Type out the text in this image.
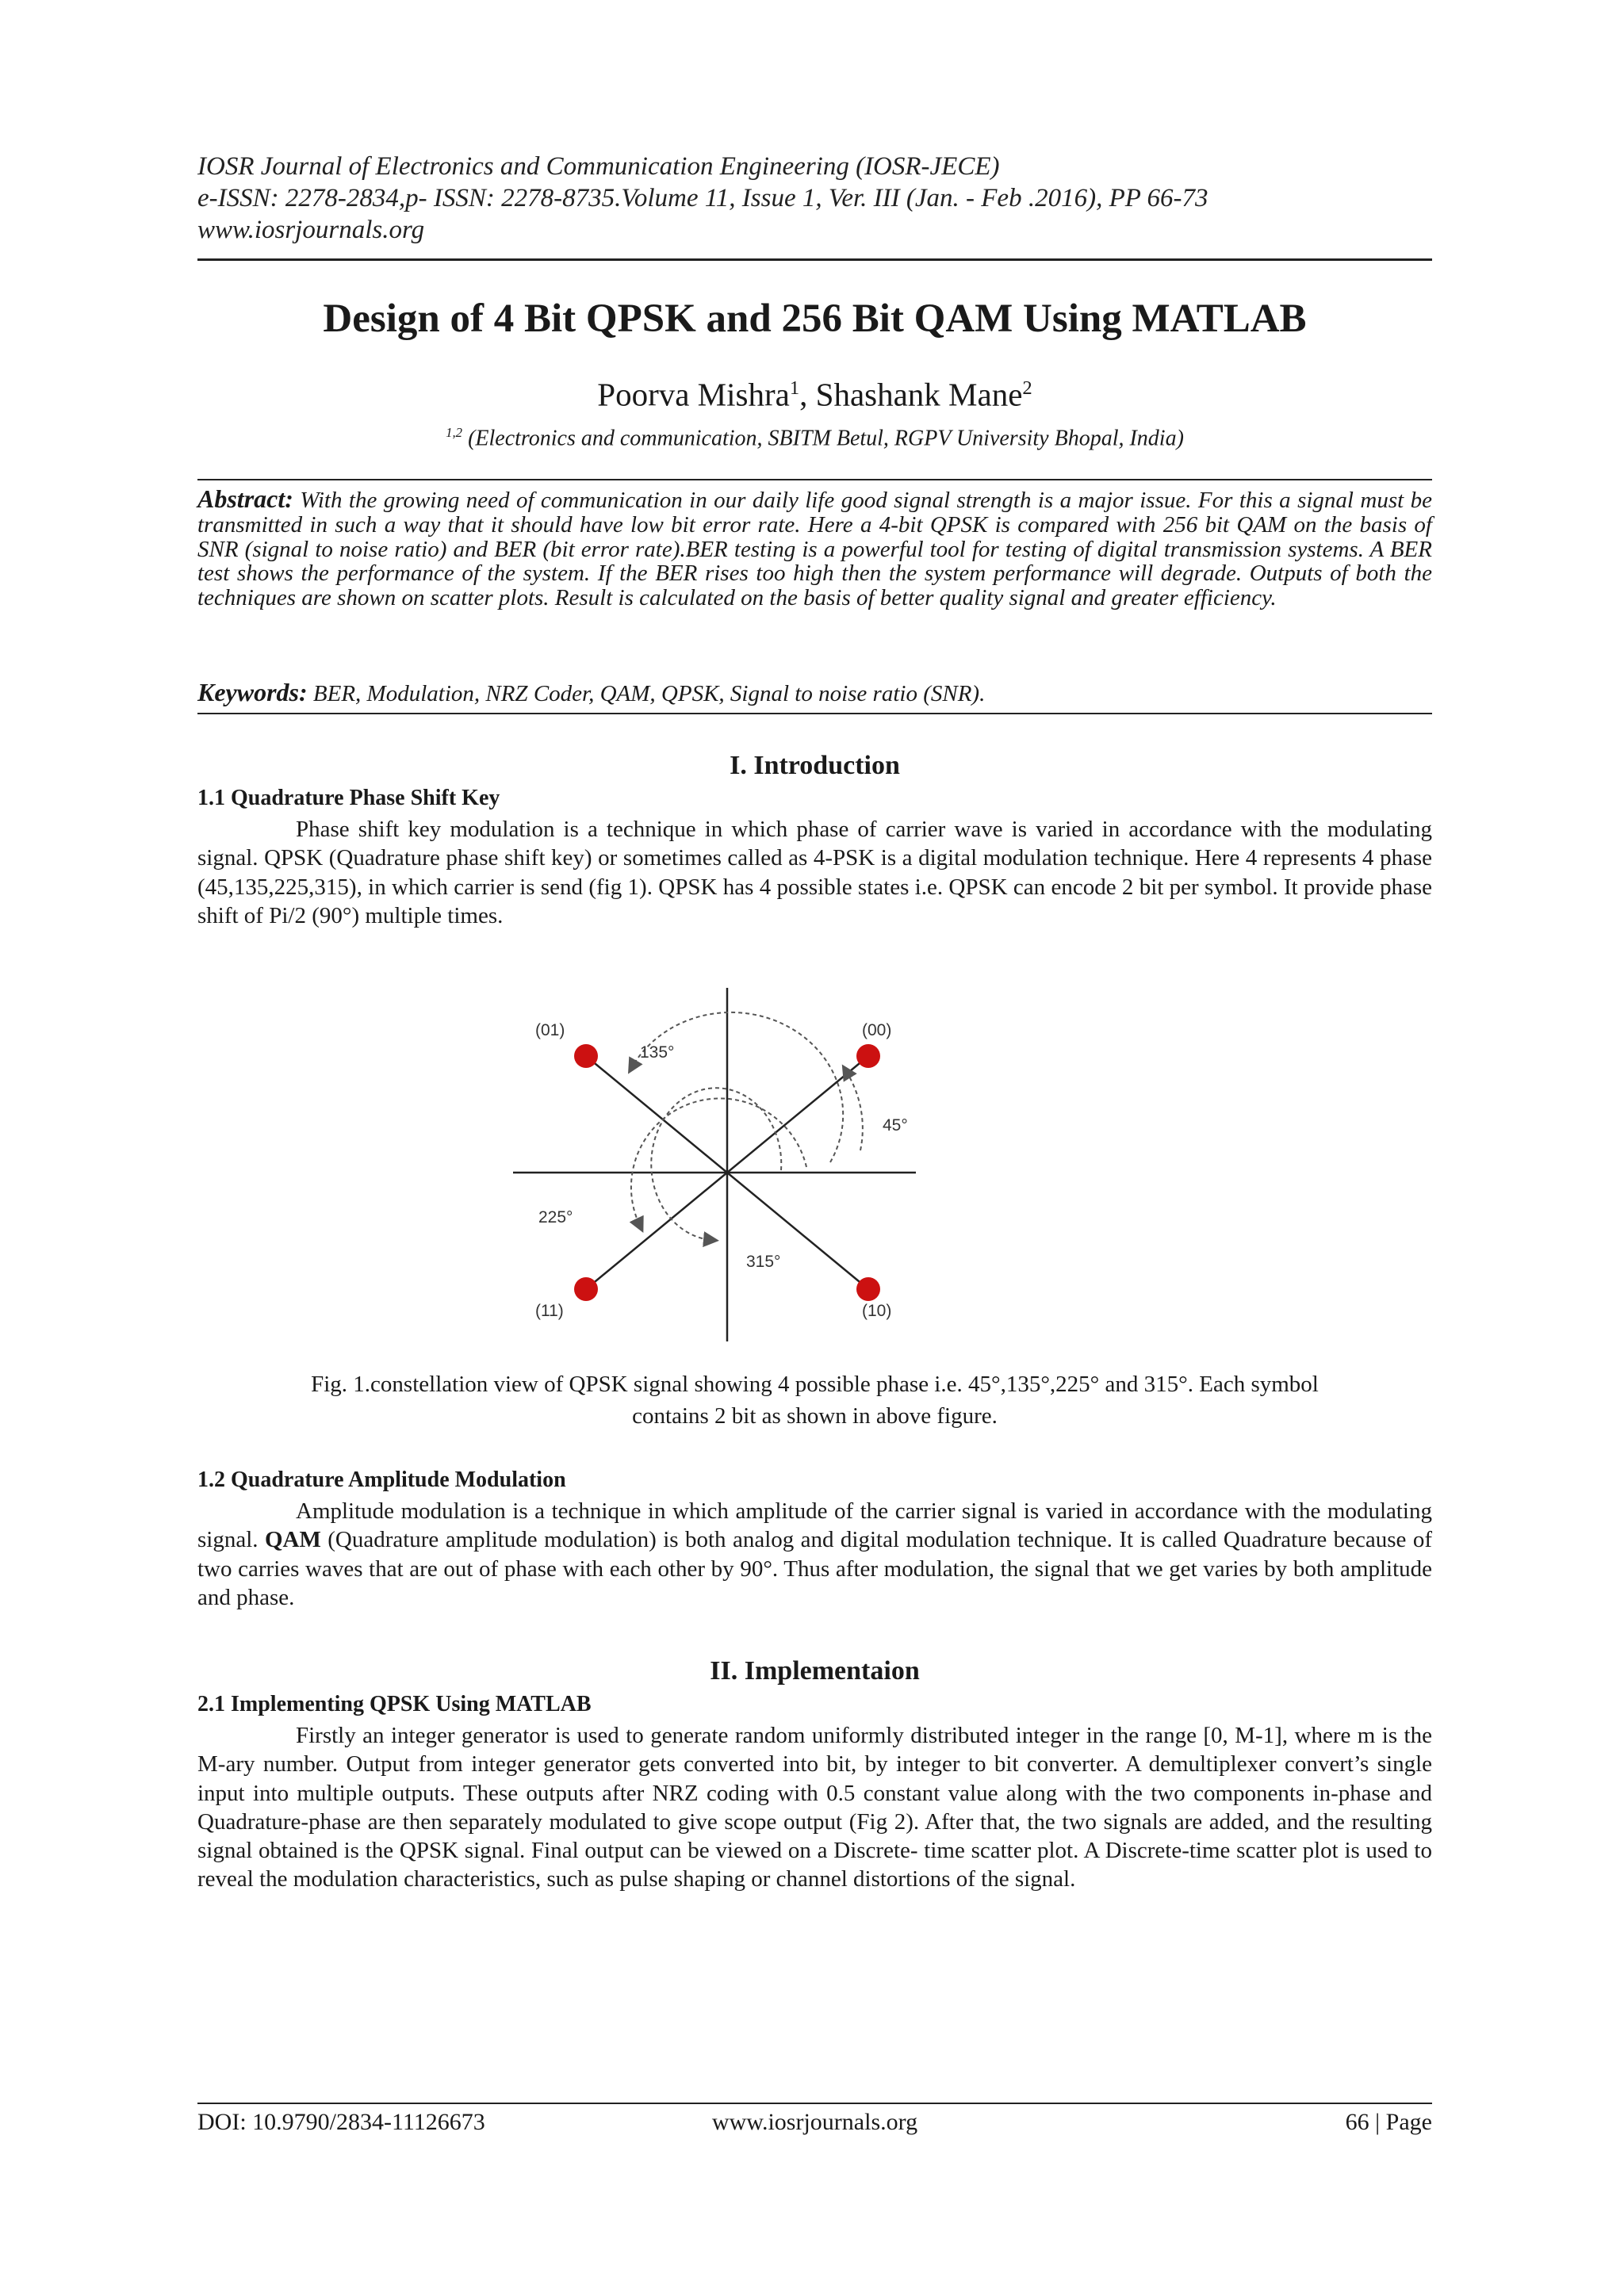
IOSR Journal of Electronics and Communication Engineering (IOSR-JECE)
e-ISSN: 2278-2834,p- ISSN: 2278-8735.Volume 11, Issue 1, Ver. III (Jan. - Feb .2016), PP 66-73
www.iosrjournals.org
Design of 4 Bit QPSK and 256 Bit QAM Using MATLAB
Poorva Mishra$^1$, Shashank Mane$^2$
$^{1,2}$ (Electronics and communication, SBITM Betul, RGPV University Bhopal, India)
Abstract: With the growing need of communication in our daily life good signal strength is a major issue. For this a signal must be transmitted in such a way that it should have low bit error rate. Here a 4-bit QPSK is compared with 256 bit QAM on the basis of SNR (signal to noise ratio) and BER (bit error rate).BER testing is a powerful tool for testing of digital transmission systems. A BER test shows the performance of the system. If the BER rises too high then the system performance will degrade. Outputs of both the techniques are shown on scatter plots. Result is calculated on the basis of better quality signal and greater efficiency.
Keywords: BER, Modulation, NRZ Coder, QAM, QPSK, Signal to noise ratio (SNR).
I. Introduction
1.1 Quadrature Phase Shift Key
Phase shift key modulation is a technique in which phase of carrier wave is varied in accordance with the modulating signal. QPSK (Quadrature phase shift key) or sometimes called as 4-PSK is a digital modulation technique. Here 4 represents 4 phase (45,135,225,315), in which carrier is send (fig 1). QPSK has 4 possible states i.e. QPSK can encode 2 bit per symbol. It provide phase shift of Pi/2 (90°) multiple times.
(01)	(00)
(11)	(10)
135°
45°
225°
315°
Fig. 1.constellation view of QPSK signal showing 4 possible phase i.e. 45°,135°,225° and 315°. Each symbol
contains 2 bit as shown in above figure.
1.2 Quadrature Amplitude Modulation
Amplitude modulation is a technique in which amplitude of the carrier signal is varied in accordance with the modulating signal. QAM (Quadrature amplitude modulation) is both analog and digital modulation technique. It is called Quadrature because of two carries waves that are out of phase with each other by 90°. Thus after modulation, the signal that we get varies by both amplitude and phase.
II. Implementaion
2.1 Implementing QPSK Using MATLAB
Firstly an integer generator is used to generate random uniformly distributed integer in the range [0, M-1], where m is the M-ary number. Output from integer generator gets converted into bit, by integer to bit converter. A demultiplexer convert’s single input into multiple outputs. These outputs after NRZ coding with 0.5 constant value along with the two components in-phase and Quadrature-phase are then separately modulated to give scope output (Fig 2). After that, the two signals are added, and the resulting signal obtained is the QPSK signal. Final output can be viewed on a Discrete- time scatter plot. A Discrete-time scatter plot is used to reveal the modulation characteristics, such as pulse shaping or channel distortions of the signal.
DOI: 10.9790/2834-11126673	www.iosrjournals.org	66 | Page
